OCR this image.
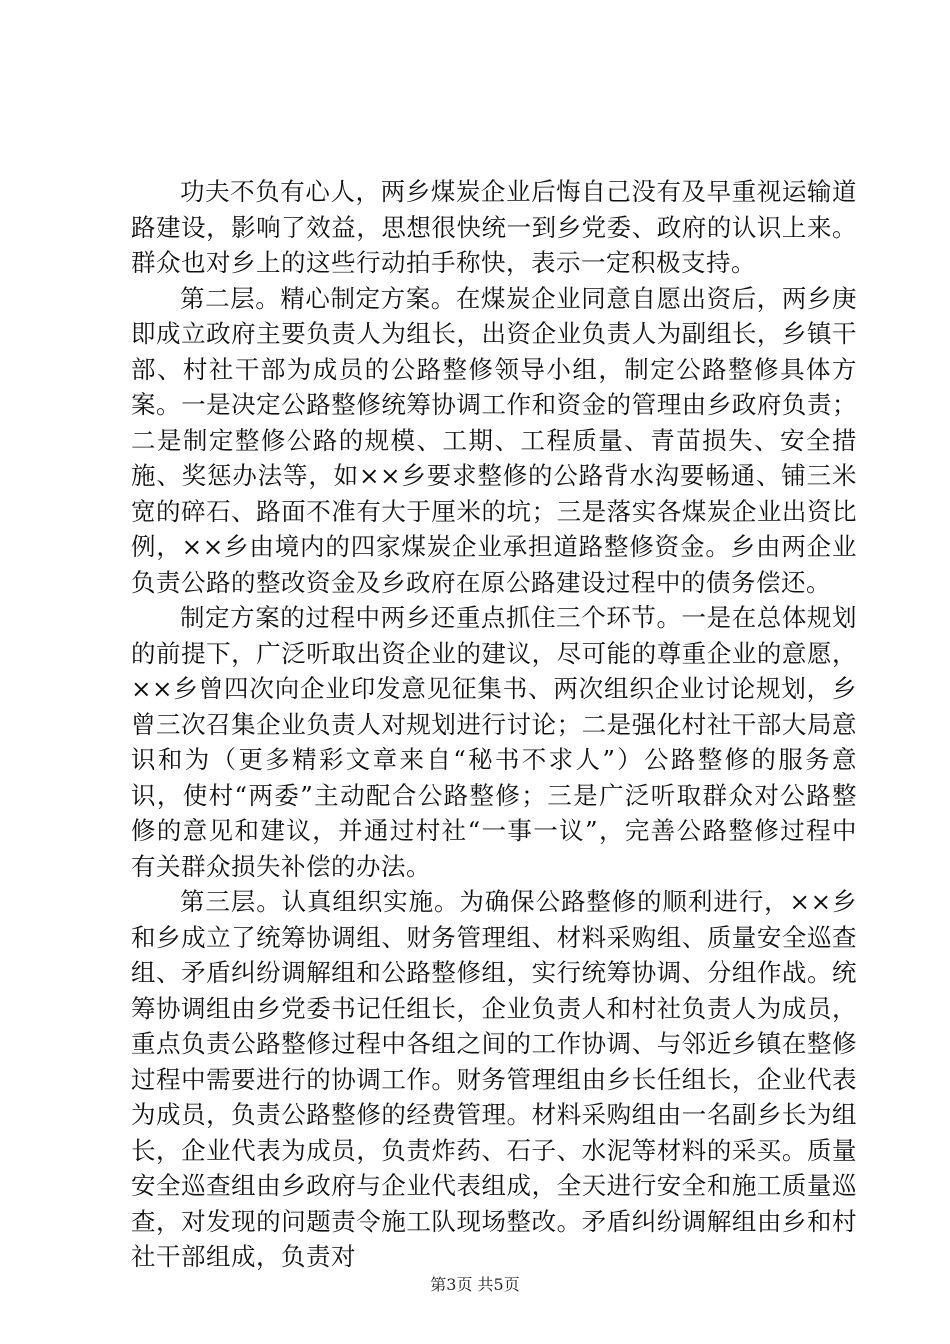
功夫不负有心人，两乡煤炭企业后悔自己没有及早重视运输道路建设，影响了效益，思想很快统一到乡党委、政府的认识上来。群众也对乡上的这些行动拍手称快，表示一定积极支持。

第二层。精心制定方案。在煤炭企业同意自愿出资后，两乡庚即成立政府主要负责人为组长，出资企业负责人为副组长，乡镇干部、村社干部为成员的公路整修领导小组，制定公路整修具体方案。一是决定公路整修统筹协调工作和资金的管理由乡政府负责；二是制定整修公路的规模、工期、工程质量、青苗损失、安全措施、奖惩办法等，如××乡要求整修的公路背水沟要畅通、铺三米宽的碎石、路面不准有大于厘米的坑；三是落实各煤炭企业出资比例，××乡由境内的四家煤炭企业承担道路整修资金。乡由两企业负责公路的整改资金及乡政府在原公路建设过程中的债务偿还。

制定方案的过程中两乡还重点抓住三个环节。一是在总体规划的前提下，广泛听取出资企业的建议，尽可能的尊重企业的意愿，××乡曾四次向企业印发意见征集书、两次组织企业讨论规划，乡曾三次召集企业负责人对规划进行讨论；二是强化村社干部大局意识和为（更多精彩文章来自“秘书不求人”）公路整修的服务意识，使村“两委”主动配合公路整修；三是广泛听取群众对公路整修的意见和建议，并通过村社“一事一议”，完善公路整修过程中有关群众损失补偿的办法。

第三层。认真组织实施。为确保公路整修的顺利进行，××乡和乡成立了统筹协调组、财务管理组、材料采购组、质量安全巡查组、矛盾纠纷调解组和公路整修组，实行统筹协调、分组作战。统筹协调组由乡党委书记任组长，企业负责人和村社负责人为成员，重点负责公路整修过程中各组之间的工作协调、与邻近乡镇在整修过程中需要进行的协调工作。财务管理组由乡长任组长，企业代表为成员，负责公路整修的经费管理。材料采购组由一名副乡长为组长，企业代表为成员，负责炸药、石子、水泥等材料的采买。质量安全巡查组由乡政府与企业代表组成，全天进行安全和施工质量巡查，对发现的问题责令施工队现场整改。矛盾纠纷调解组由乡和村社干部组成，负责对

第3页 共5页
